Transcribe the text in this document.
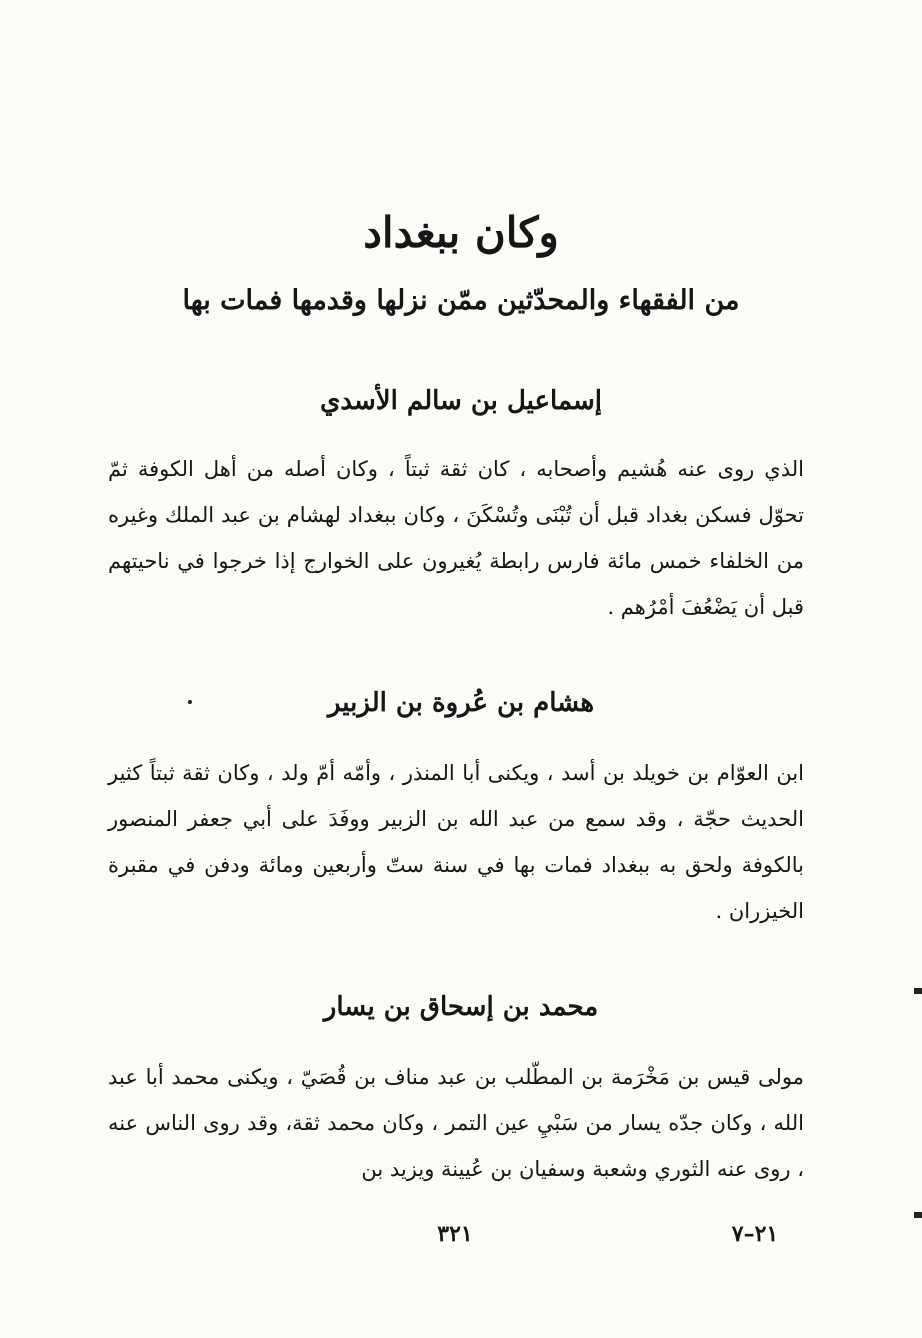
وكان ببغداد
من الفقهاء والمحدّثين ممّن نزلها وقدمها فمات بها
إسماعيل بن سالم الأسدي

الذي روى عنه هُشيم وأصحابه ، كان ثقة ثبتاً ، وكان أصله من أهل الكوفة ثمّ تحوّل فسكن بغداد قبل أن تُبْنَى وتُسْكَنَ ، وكان ببغداد لهشام بن عبد الملك وغيره من الخلفاء خمس مائة فارس رابطة يُغيرون على الخوارج إذا خرجوا في ناحيتهم قبل أن يَضْعُفَ أمْرُهم .

هشام بن عُروة بن الزبير

ابن العوّام بن خويلد بن أسد ، ويكنى أبا المنذر ، وأمّه أمّ ولد ، وكان ثقة ثبتاً كثير الحديث حجّة ، وقد سمع من عبد الله بن الزبير ووفَدَ على أبي جعفر المنصور بالكوفة ولحق به ببغداد فمات بها في سنة ستّ وأربعين ومائة ودفن في مقبرة الخيزران .

محمد بن إسحاق بن يسار

مولى قيس بن مَخْرَمة بن المطّلب بن عبد مناف بن قُصَيّ ، ويكنى محمد أبا عبد الله ، وكان جدّه يسار من سَبْيِ عين التمر ، وكان محمد ثقة، وقد روى الناس عنه ، روى عنه الثوري وشعبة وسفيان بن عُيينة ويزيد بن

٣٢١	٢١–٧
